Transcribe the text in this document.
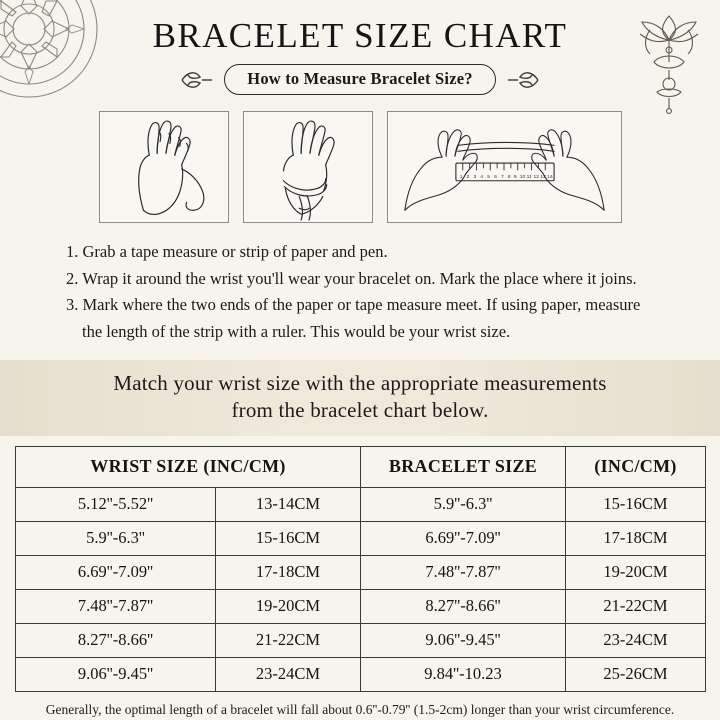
BRACELET SIZE CHART
How to Measure Bracelet Size?
1 2 3 4 5 6 7 8 9 10 11 12 13 14
1. Grab a tape measure or strip of paper and pen.
2. Wrap it around the wrist you'll wear your bracelet on. Mark the place where it joins.
3. Mark where the two ends of the paper or tape measure meet. If using paper, measure
the length of the strip with a ruler. This would be your wrist size.
Match your wrist size with the appropriate measurements
from the bracelet chart below.
WRIST SIZE (INC/CM)		BRACELET SIZE	(INC/CM)
5.12''-5.52''	13-14CM	5.9''-6.3''	15-16CM
5.9''-6.3''	15-16CM	6.69''-7.09''	17-18CM
6.69''-7.09''	17-18CM	7.48''-7.87''	19-20CM
7.48''-7.87''	19-20CM	8.27''-8.66''	21-22CM
8.27''-8.66''	21-22CM	9.06''-9.45''	23-24CM
9.06''-9.45''	23-24CM	9.84''-10.23	25-26CM
Generally, the optimal length of a bracelet will fall about 0.6''-0.79'' (1.5-2cm) longer than your wrist circumference.
